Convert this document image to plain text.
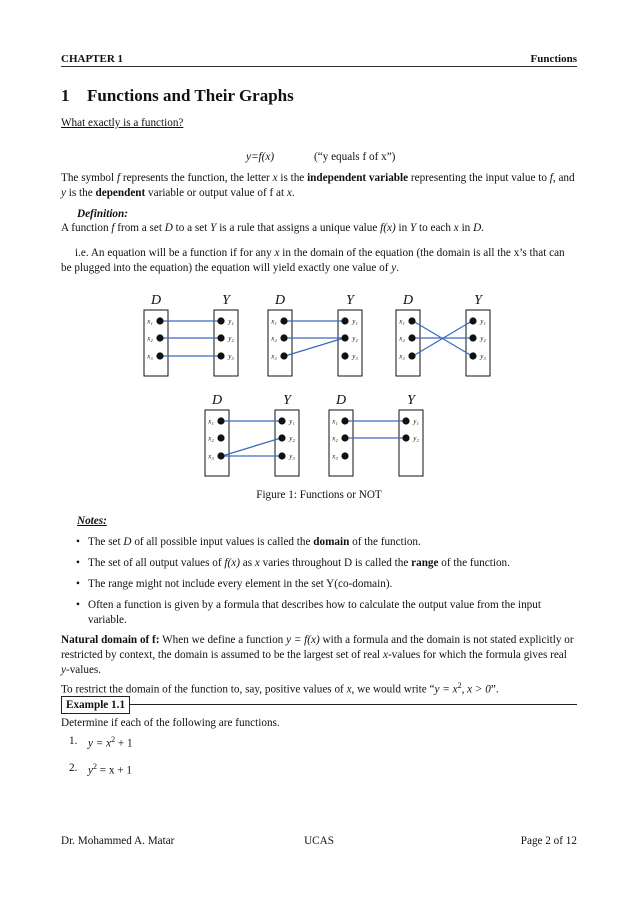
CHAPTER 1	Functions
1 Functions and Their Graphs
What exactly is a function?
y=f(x)	(“y equals f of x”)
The symbol f represents the function, the letter x is the independent variable representing the input value to f, and y is the dependent variable or output value of f at x.
Definition:
A function f from a set D to a set Y is a rule that assigns a unique value f(x) in Y to each x in D.
i.e. An equation will be a function if for any x in the domain of the equation (the domain is all the x’s that can be plugged into the equation) the equation will yield exactly one value of y.
D	Y
x₁
x₂
x₃
y₁
y₂
y₃
D	Y
x₁
x₂
x₃
y₁
y₂
y₃
D	Y
x₁
x₂
x₃
y₁
y₂
y₃
D	Y
x₁
x₂
x₃
y₁
y₂
y₃
D	Y
x₁
x₂
x₃
y₁
y₂
Figure 1: Functions or NOT
Notes:
• The set D of all possible input values is called the domain of the function.
• The set of all output values of f(x) as x varies throughout D is called the range of the function.
• The range might not include every element in the set Y(co-domain).
• Often a function is given by a formula that describes how to calculate the output value from the input variable.
Natural domain of f: When we define a function y = f(x) with a formula and the domain is not stated explicitly or restricted by context, the domain is assumed to be the largest set of real x-values for which the formula gives real y-values.
To restrict the domain of the function to, say, positive values of x, we would write “$y = x^2$, x > 0”.
Example 1.1
Determine if each of the following are functions.
1. $y = x^2 + 1$
2. $y^2 = x + 1$
Dr. Mohammed A. Matar	UCAS	Page 2 of 12
